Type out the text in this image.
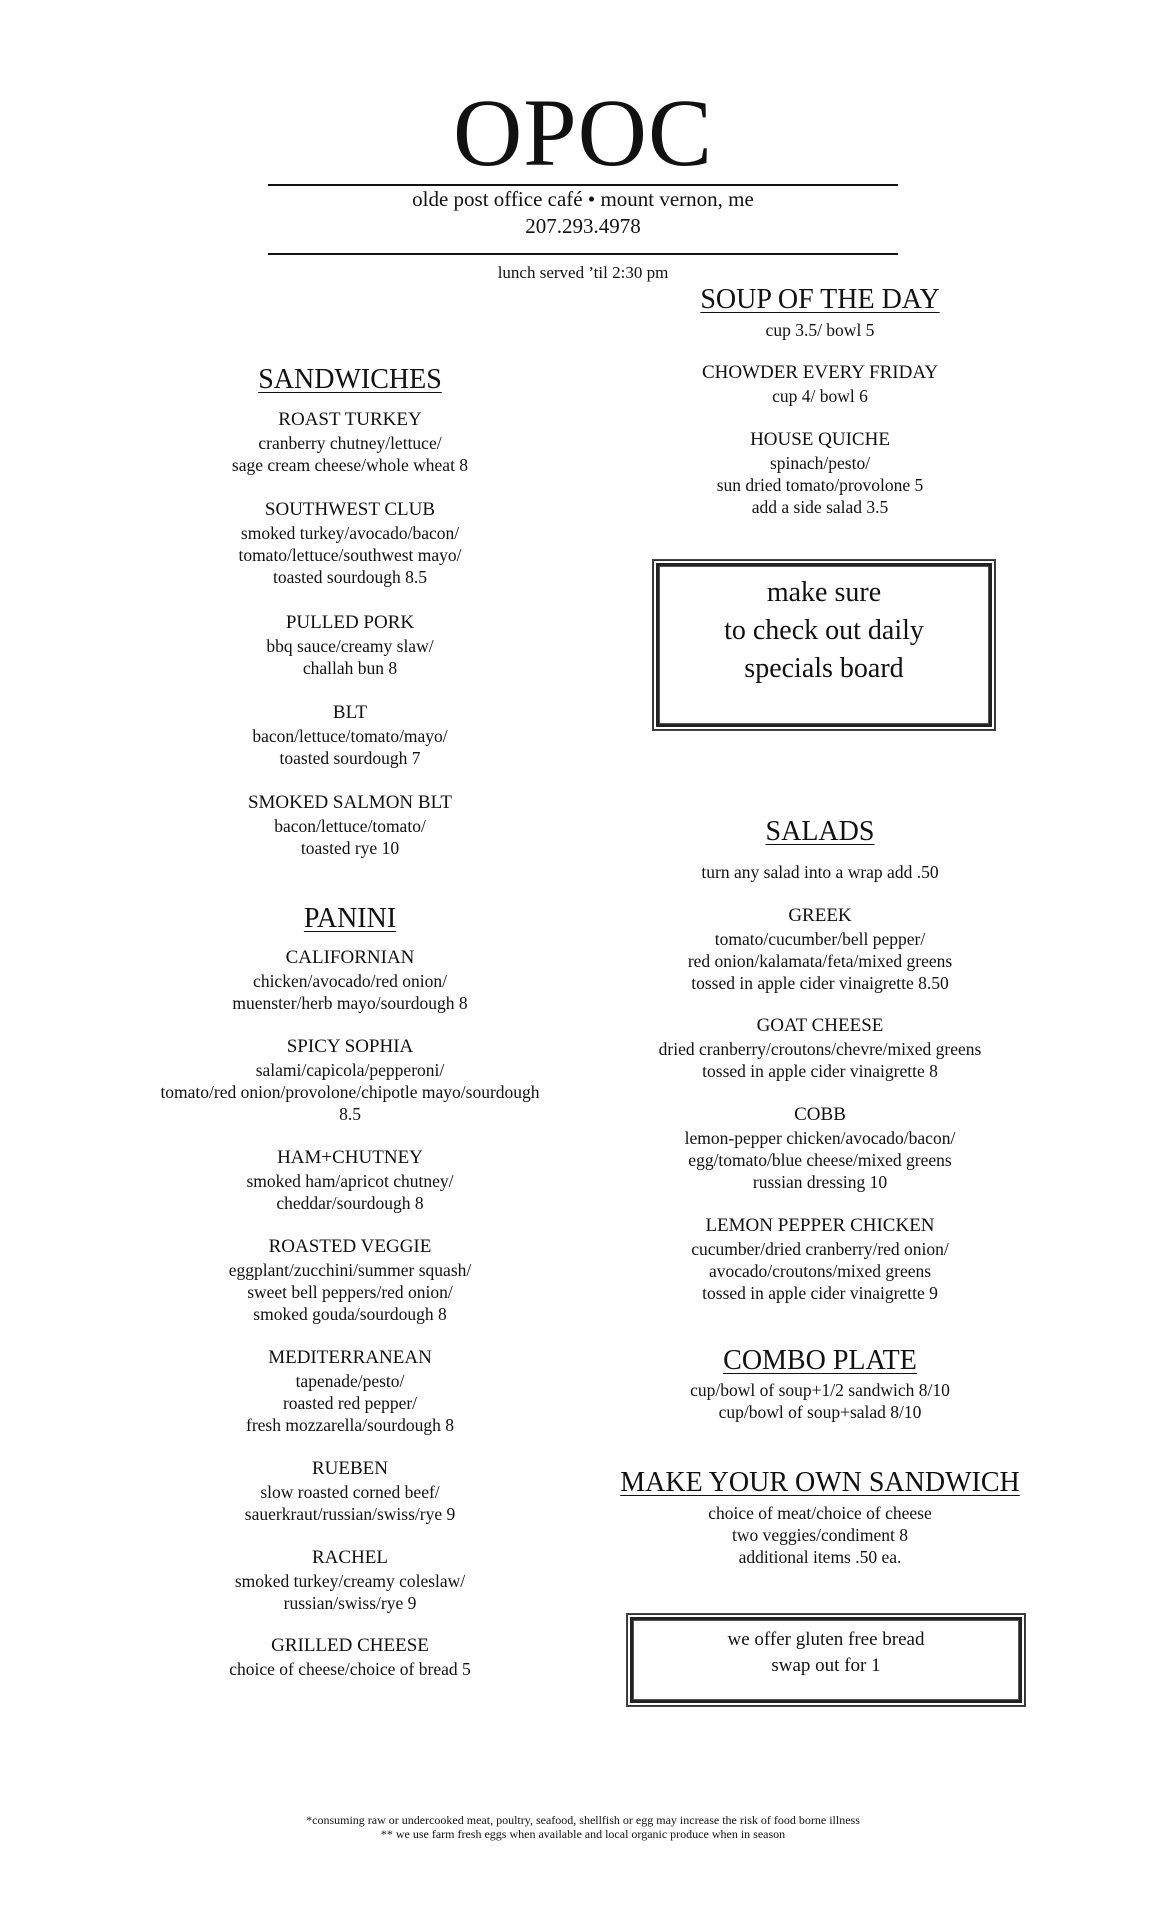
OPOC
olde post office café • mount vernon, me
207.293.4978
lunch served ’til 2:30 pm
SANDWICHES
ROAST TURKEY
cranberry chutney/lettuce/
sage cream cheese/whole wheat 8
SOUTHWEST CLUB
smoked turkey/avocado/bacon/
tomato/lettuce/southwest mayo/
toasted sourdough 8.5
PULLED PORK
bbq sauce/creamy slaw/
challah bun 8
BLT
bacon/lettuce/tomato/mayo/
toasted sourdough 7
SMOKED SALMON BLT
bacon/lettuce/tomato/
toasted rye 10
PANINI
CALIFORNIAN
chicken/avocado/red onion/
muenster/herb mayo/sourdough 8
SPICY SOPHIA
salami/capicola/pepperoni/
tomato/red onion/provolone/chipotle mayo/sourdough
8.5
HAM+CHUTNEY
smoked ham/apricot chutney/
cheddar/sourdough 8
ROASTED VEGGIE
eggplant/zucchini/summer squash/
sweet bell peppers/red onion/
smoked gouda/sourdough 8
MEDITERRANEAN
tapenade/pesto/
roasted red pepper/
fresh mozzarella/sourdough 8
RUEBEN
slow roasted corned beef/
sauerkraut/russian/swiss/rye 9
RACHEL
smoked turkey/creamy coleslaw/
russian/swiss/rye 9
GRILLED CHEESE
choice of cheese/choice of bread 5
SOUP OF THE DAY
cup 3.5/ bowl 5
CHOWDER EVERY FRIDAY
cup 4/ bowl 6
HOUSE QUICHE
spinach/pesto/
sun dried tomato/provolone 5
add a side salad 3.5
make sure
to check out daily
specials board
SALADS
turn any salad into a wrap add .50
GREEK
tomato/cucumber/bell pepper/
red onion/kalamata/feta/mixed greens
tossed in apple cider vinaigrette 8.50
GOAT CHEESE
dried cranberry/croutons/chevre/mixed greens
tossed in apple cider vinaigrette 8
COBB
lemon-pepper chicken/avocado/bacon/
egg/tomato/blue cheese/mixed greens
russian dressing 10
LEMON PEPPER CHICKEN
cucumber/dried cranberry/red onion/
avocado/croutons/mixed greens
tossed in apple cider vinaigrette 9
COMBO PLATE
cup/bowl of soup+1/2 sandwich 8/10
cup/bowl of soup+salad 8/10
MAKE YOUR OWN SANDWICH
choice of meat/choice of cheese
two veggies/condiment 8
additional items .50 ea.
we offer gluten free bread
swap out for 1
*consuming raw or undercooked meat, poultry, seafood, shellfish or egg may increase the risk of food borne illness
** we use farm fresh eggs when available and local organic produce when in season
